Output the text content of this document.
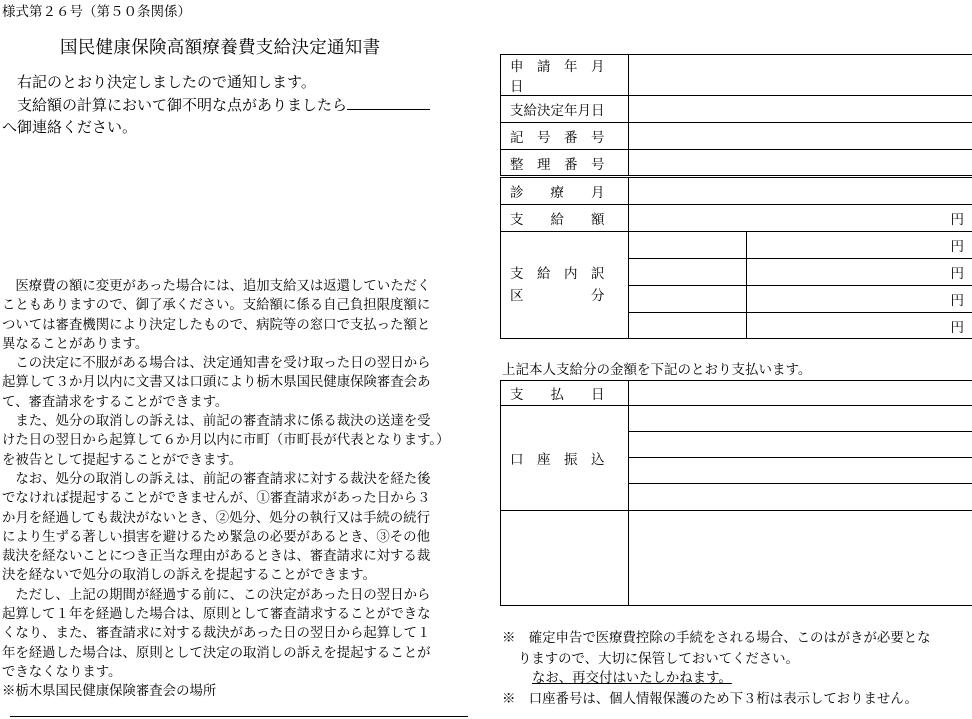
様式第２６号（第５０条関係）
国民健康保険高額療養費支給決定通知書
　右記のとおり決定しましたので通知します。
　支給額の計算において御不明な点がありましたら
へ御連絡ください。

　医療費の額に変更があった場合には、追加支給又は返還していただく

こともありますので、御了承ください。支給額に係る自己負担限度額に

ついては審査機関により決定したもので、病院等の窓口で支払った額と

異なることがあります。

　この決定に不服がある場合は、決定通知書を受け取った日の翌日から

起算して３か月以内に文書又は口頭により栃木県国民健康保険審査会あ

て、審査請求をすることができます。

　また、処分の取消しの訴えは、前記の審査請求に係る裁決の送達を受

けた日の翌日から起算して６か月以内に市町（市町長が代表となります。）

を被告として提起することができます。

　なお、処分の取消しの訴えは、前記の審査請求に対する裁決を経た後

でなければ提起することができませんが、①審査請求があった日から３

か月を経過しても裁決がないとき、②処分、処分の執行又は手続の続行

により生ずる著しい損害を避けるため緊急の必要があるとき、③その他

裁決を経ないことにつき正当な理由があるときは、審査請求に対する裁

決を経ないで処分の取消しの訴えを提起することができます。

　ただし、上記の期間が経過する前に、この決定があった日の翌日から

起算して１年を経過した場合は、原則として審査請求することができな

くなり、また、審査請求に対する裁決があった日の翌日から起算して１

年を経過した場合は、原則として決定の取消しの訴えを提起することが

できなくなります。

※栃木県国民健康保険審査会の場所

申　請　年　月　日	
支給決定年月日	
記　号　番　号	
整　理　番　号	
診　　療　　月		
支　　給　　額	円	

支　給　内　訳
区　　　　　分		円
		円
		円
		円
上記本人支給分の金額を下記のとおり支払います。
支　　払　　日	
口　座　振　込	

※　確定申告で医療費控除の手続をされる場合、このはがきが必要とな
りますので、大切に保管しておいてください。
なお、再交付はいたしかねます。
※　口座番号は、個人情報保護のため下３桁は表示しておりません。
